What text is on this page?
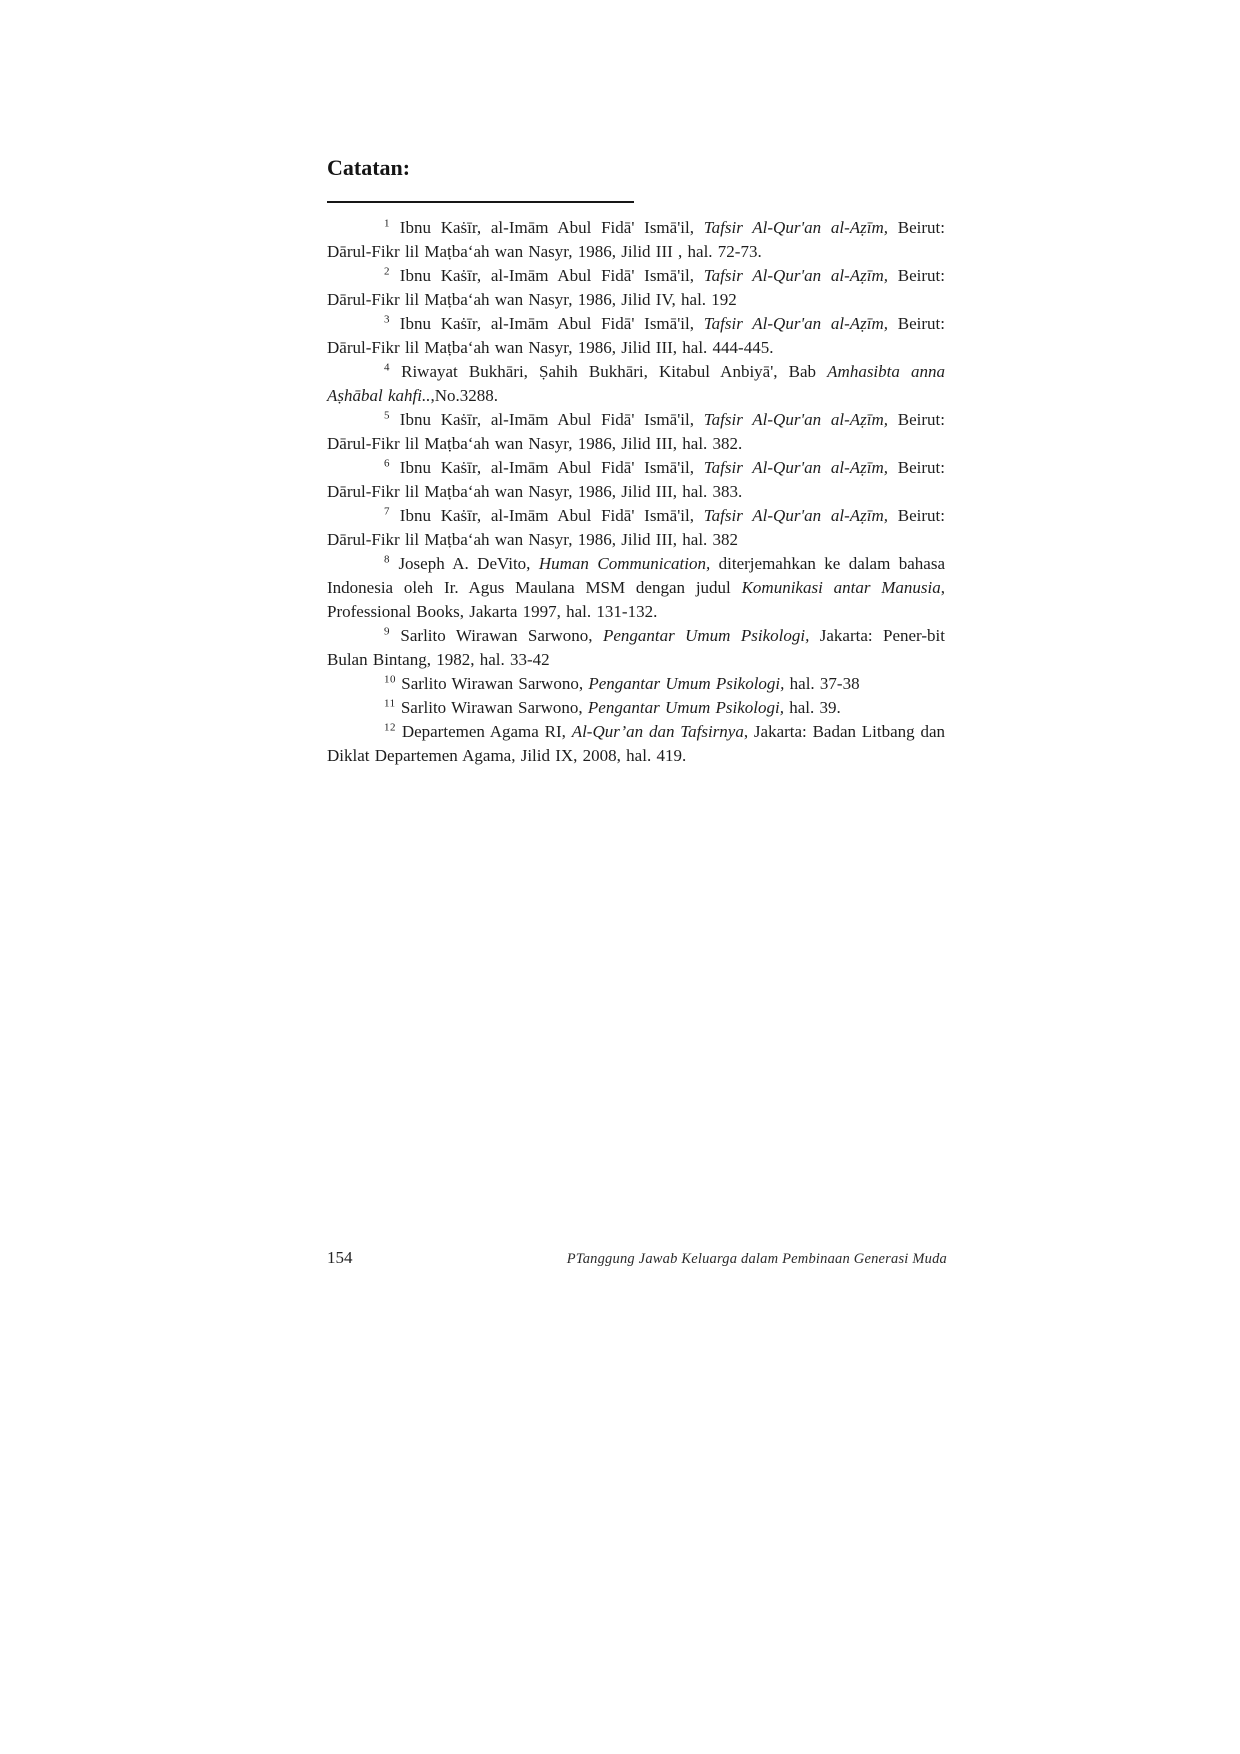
Catatan:

$^1$ Ibnu Kaṡīr, al-Imām Abul Fidā' Ismā'il, Tafsir Al-Qur'an al-Aẓīm, Beirut: Dārul-Fikr lil Maṭbaʻah wan Nasyr, 1986, Jilid III , hal. 72-73.

$^2$ Ibnu Kaṡīr, al-Imām Abul Fidā' Ismā'il, Tafsir Al-Qur'an al-Aẓīm, Beirut: Dārul-Fikr lil Maṭbaʻah wan Nasyr, 1986, Jilid IV, hal. 192

$^3$ Ibnu Kaṡīr, al-Imām Abul Fidā' Ismā'il, Tafsir Al-Qur'an al-Aẓīm, Beirut: Dārul-Fikr lil Maṭbaʻah wan Nasyr, 1986, Jilid III, hal. 444-445.

$^4$ Riwayat Bukhāri, Ṣahih Bukhāri, Kitabul Anbiyā', Bab Amhasibta anna Aṣhābal kahfi..,No.3288.

$^5$ Ibnu Kaṡīr, al-Imām Abul Fidā' Ismā'il, Tafsir Al-Qur'an al-Aẓīm, Beirut: Dārul-Fikr lil Maṭbaʻah wan Nasyr, 1986, Jilid III, hal. 382.

$^6$ Ibnu Kaṡīr, al-Imām Abul Fidā' Ismā'il, Tafsir Al-Qur'an al-Aẓīm, Beirut: Dārul-Fikr lil Maṭbaʻah wan Nasyr, 1986, Jilid III, hal. 383.

$^7$ Ibnu Kaṡīr, al-Imām Abul Fidā' Ismā'il, Tafsir Al-Qur'an al-Aẓīm, Beirut: Dārul-Fikr lil Maṭbaʻah wan Nasyr, 1986, Jilid III, hal. 382

$^8$ Joseph A. DeVito, Human Communication, diterjemahkan ke dalam bahasa Indonesia oleh Ir. Agus Maulana MSM dengan judul Komunikasi antar Manusia, Professional Books, Jakarta 1997, hal. 131-132.

$^9$ Sarlito Wirawan Sarwono, Pengantar Umum Psikologi, Jakarta: Pener-bit Bulan Bintang, 1982, hal. 33-42

$^{10}$ Sarlito Wirawan Sarwono, Pengantar Umum Psikologi, hal. 37-38

$^{11}$ Sarlito Wirawan Sarwono, Pengantar Umum Psikologi, hal. 39.

$^{12}$ Departemen Agama RI, Al-Qur’an dan Tafsirnya, Jakarta: Badan Litbang dan Diklat Departemen Agama, Jilid IX, 2008, hal. 419.

154	PTanggung Jawab Keluarga dalam Pembinaan Generasi Muda
